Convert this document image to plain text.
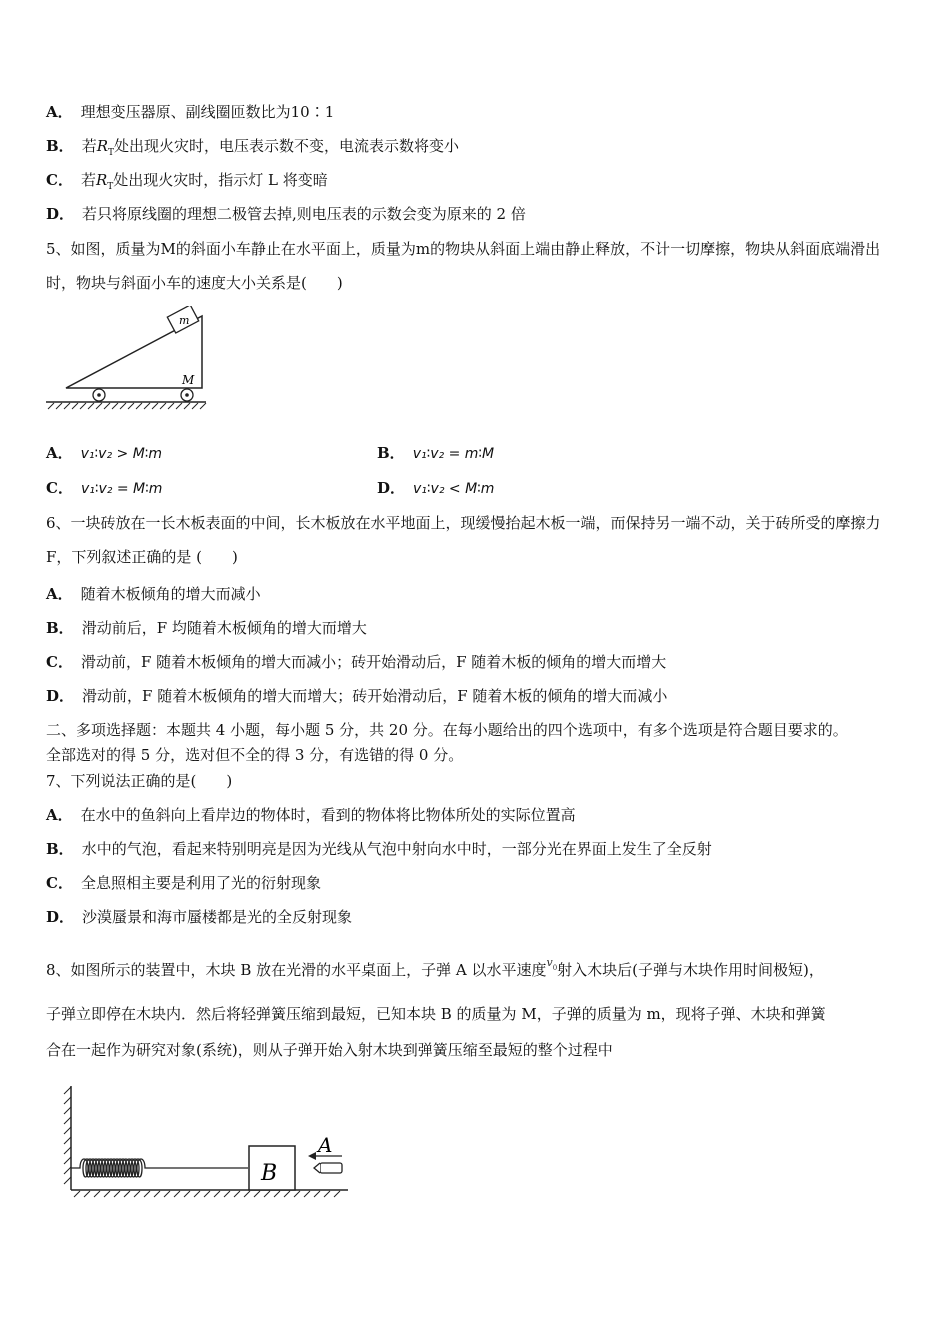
A． 理想变压器原、副线圈匝数比为10∶1
B． 若$R_T$处出现火灾时，电压表示数不变，电流表示数将变小
C． 若$R_T$处出现火灾时，指示灯 L 将变暗
D． 若只将原线圈的理想二极管去掉,则电压表的示数会变为原来的 2 倍
5、如图，质量为M的斜面小车静止在水平面上，质量为m的物块从斜面上端由静止释放，不计一切摩擦，物块从斜面底端滑出时，物块与斜面小车的速度大小关系是(　　)
m
M
A． v₁∶v₂ > M∶m	B． v₁∶v₂ = m∶M
C． v₁∶v₂ = M∶m	D． v₁∶v₂ < M∶m
6、一块砖放在一长木板表面的中间，长木板放在水平地面上，现缓慢抬起木板一端，而保持另一端不动，关于砖所受的摩擦力 F，下列叙述正确的是 (　　)
A． 随着木板倾角的增大而减小
B． 滑动前后，F 均随着木板倾角的增大而增大
C． 滑动前，F 随着木板倾角的增大而减小；砖开始滑动后，F 随着木板的倾角的增大而增大
D． 滑动前，F 随着木板倾角的增大而增大；砖开始滑动后，F 随着木板的倾角的增大而减小
二、多项选择题：本题共 4 小题，每小题 5 分，共 20 分。在每小题给出的四个选项中，有多个选项是符合题目要求的。
全部选对的得 5 分，选对但不全的得 3 分，有选错的得 0 分。
7、下列说法正确的是(　　)
A． 在水中的鱼斜向上看岸边的物体时，看到的物体将比物体所处的实际位置高
B． 水中的气泡，看起来特别明亮是因为光线从气泡中射向水中时，一部分光在界面上发生了全反射
C． 全息照相主要是利用了光的衍射现象
D． 沙漠蜃景和海市蜃楼都是光的全反射现象
8、如图所示的装置中，木块 B 放在光滑的水平桌面上，子弹 A 以水平速度$^v_0$射入木块后(子弹与木块作用时间极短)，
子弹立即停在木块内．然后将轻弹簧压缩到最短，已知本块 B 的质量为 M，子弹的质量为 m，现将子弹、木块和弹簧
合在一起作为研究对象(系统)，则从子弹开始入射木块到弹簧压缩至最短的整个过程中
B
A
